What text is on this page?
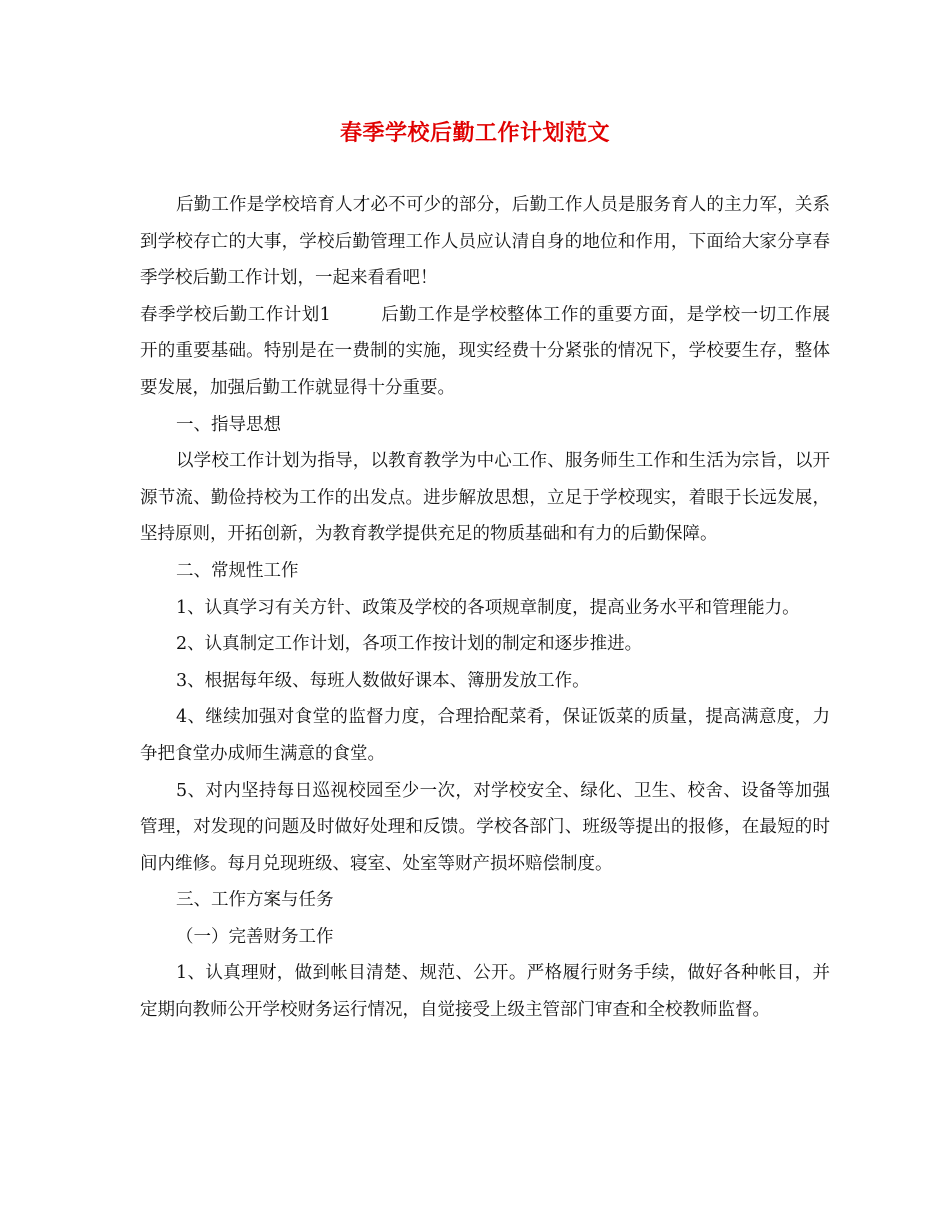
春季学校后勤工作计划范文

后勤工作是学校培育人才必不可少的部分，后勤工作人员是服务育人的主力军，关系到学校存亡的大事，学校后勤管理工作人员应认清自身的地位和作用，下面给大家分享春季学校后勤工作计划，一起来看看吧！

春季学校后勤工作计划1	后勤工作是学校整体工作的重要方面，是学校一切工作展开的重要基础。特别是在一费制的实施，现实经费十分紧张的情况下，学校要生存，整体要发展，加强后勤工作就显得十分重要。

一、指导思想

以学校工作计划为指导，以教育教学为中心工作、服务师生工作和生活为宗旨，以开源节流、勤俭持校为工作的出发点。进步解放思想，立足于学校现实，着眼于长远发展，坚持原则，开拓创新，为教育教学提供充足的物质基础和有力的后勤保障。

二、常规性工作

1、认真学习有关方针、政策及学校的各项规章制度，提高业务水平和管理能力。

2、认真制定工作计划，各项工作按计划的制定和逐步推进。

3、根据每年级、每班人数做好课本、簿册发放工作。

4、继续加强对食堂的监督力度，合理拾配菜肴，保证饭菜的质量，提高满意度，力争把食堂办成师生满意的食堂。

5、对内坚持每日巡视校园至少一次，对学校安全、绿化、卫生、校舍、设备等加强管理，对发现的问题及时做好处理和反馈。学校各部门、班级等提出的报修，在最短的时间内维修。每月兑现班级、寝室、处室等财产损坏赔偿制度。

三、工作方案与任务

（一）完善财务工作

1、认真理财，做到帐目清楚、规范、公开。严格履行财务手续，做好各种帐目，并定期向教师公开学校财务运行情况，自觉接受上级主管部门审查和全校教师监督。
